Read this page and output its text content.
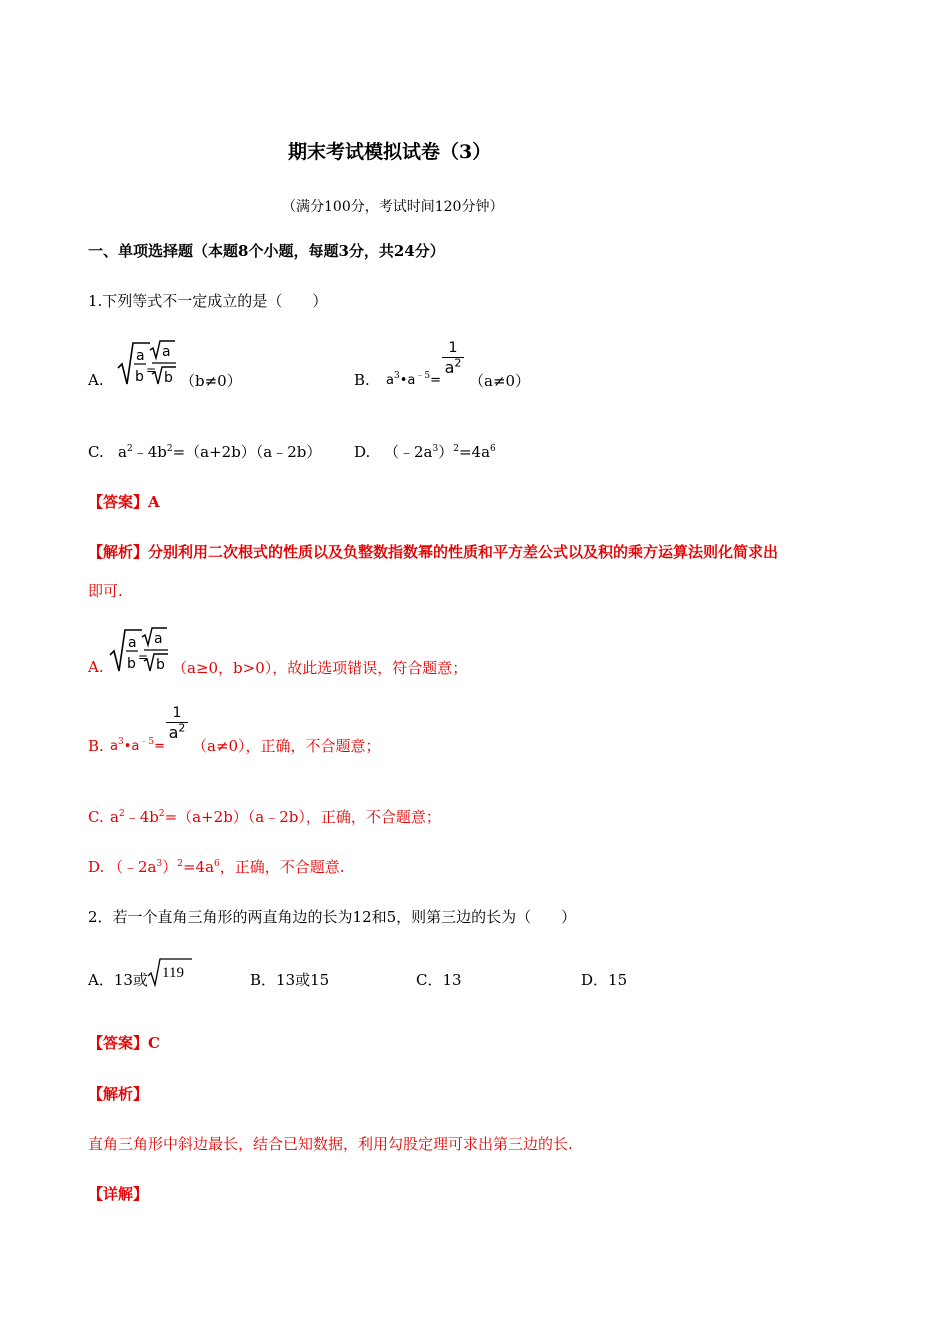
期末考试模拟试卷（3）
（满分100分，考试时间120分钟）
一、单项选择题（本题8个小题，每题3分，共24分）
1.下列等式不一定成立的是（　　）
A.
a
b =
a
b （b≠0）	B. $a^3•a^{﹣5}=$
$\frac{1}{a^2}$
（a≠0）
C. $a^2﹣4b^2=(a+2b)(a﹣2b)$ D. $(﹣2a^3)^2=4a^6$
【答案】A
【解析】分别利用二次根式的性质以及负整数指数幂的性质和平方差公式以及积的乘方运算法则化简求出
即可.
A.
a
b =
a
b （a≥0，b>0），故此选项错误，符合题意；
B. $a^3•a^{﹣5}=$
$\frac{1}{a^2}$
（a≠0），正确，不合题意；
C. $a^2﹣4b^2=(a+2b)(a﹣2b)$，正确，不合题意；
D. $(﹣2a^3)^2=4a^6$，正确，不合题意.
2．若一个直角三角形的两直角边的长为12和5，则第三边的长为（　　）
A．13或 119	B．13或15	C．13	D．15
【答案】C
【解析】
直角三角形中斜边最长，结合已知数据，利用勾股定理可求出第三边的长.
【详解】
